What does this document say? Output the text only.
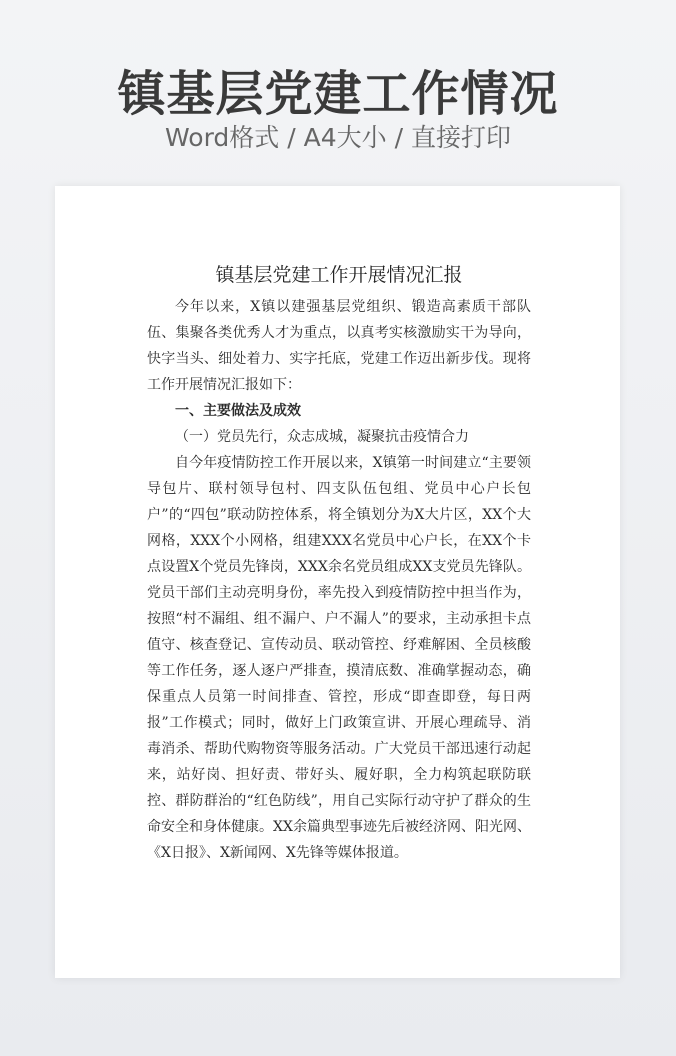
镇基层党建工作情况
Word格式 / A4大小 / 直接打印
镇基层党建工作开展情况汇报

今年以来，X镇以建强基层党组织、锻造高素质干部队伍、集聚各类优秀人才为重点，以真考实核激励实干为导向，快字当头、细处着力、实字托底，党建工作迈出新步伐。现将工作开展情况汇报如下：

一、主要做法及成效
（一）党员先行，众志成城，凝聚抗击疫情合力

自今年疫情防控工作开展以来，X镇第一时间建立“主要领导包片、联村领导包村、四支队伍包组、党员中心户长包户”的“四包”联动防控体系，将全镇划分为X大片区，XX个大网格，XXX个小网格，组建XXX名党员中心户长，在XX个卡点设置X个党员先锋岗，XXX余名党员组成XX支党员先锋队。党员干部们主动亮明身份，率先投入到疫情防控中担当作为，按照“村不漏组、组不漏户、户不漏人”的要求，主动承担卡点值守、核查登记、宣传动员、联动管控、纾难解困、全员核酸等工作任务，逐人逐户严排查，摸清底数、准确掌握动态，确保重点人员第一时间排查、管控，形成“即查即登，每日两报”工作模式；同时，做好上门政策宣讲、开展心理疏导、消毒消杀、帮助代购物资等服务活动。广大党员干部迅速行动起来，站好岗、担好责、带好头、履好职，全力构筑起联防联控、群防群治的“红色防线”，用自己实际行动守护了群众的生命安全和身体健康。XX余篇典型事迹先后被经济网、阳光网、《X日报》、X新闻网、X先锋等媒体报道。
